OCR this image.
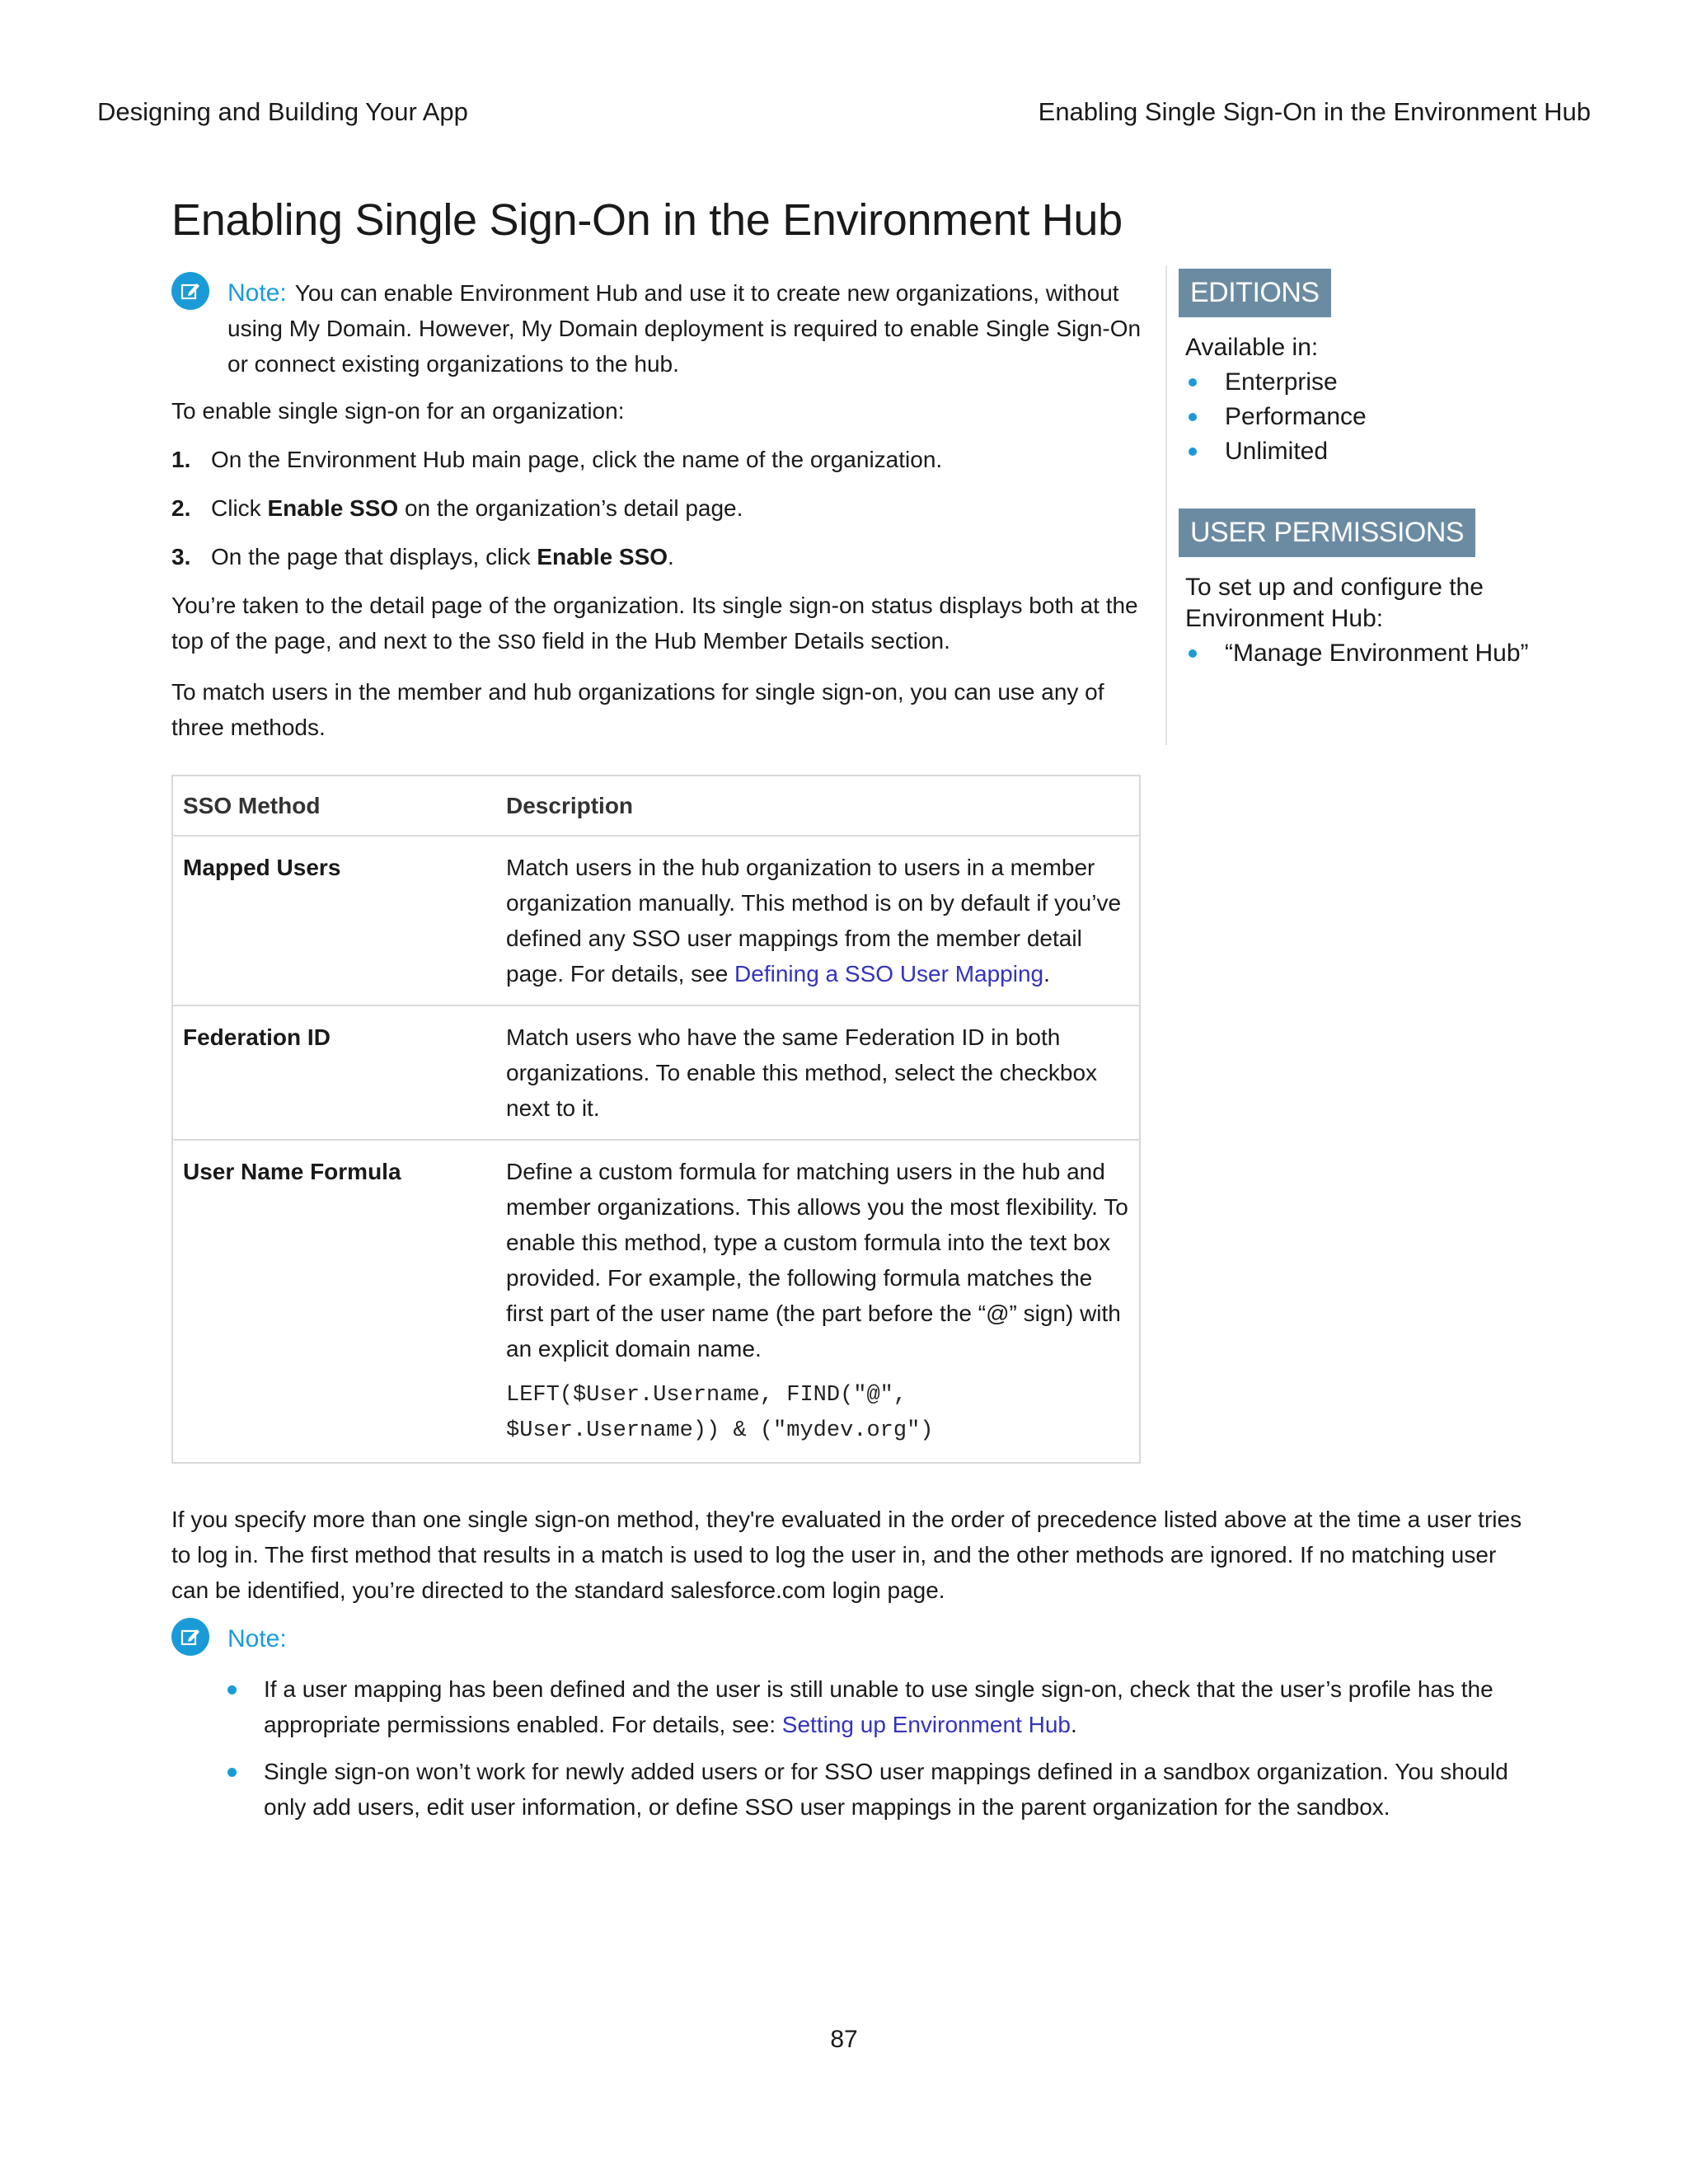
Designing and Building Your App	Enabling Single Sign-On in the Environment Hub
Enabling Single Sign-On in the Environment Hub
Note: You can enable Environment Hub and use it to create new organizations, without using My Domain. However, My Domain deployment is required to enable Single Sign-On or connect existing organizations to the hub.

To enable single sign-on for an organization:

1. On the Environment Hub main page, click the name of the organization.
2. Click Enable SSO on the organization’s detail page.
3. On the page that displays, click Enable SSO.

You’re taken to the detail page of the organization. Its single sign-on status displays both at the top of the page, and next to the SSO field in the Hub Member Details section.

To match users in the member and hub organizations for single sign-on, you can use any of three methods.

SSO Method	Description
Mapped Users	Match users in the hub organization to users in a member organization manually. This method is on by default if you’ve defined any SSO user mappings from the member detail page. For details, see Defining a SSO User Mapping.
Federation ID	Match users who have the same Federation ID in both organizations. To enable this method, select the checkbox next to it.
User Name Formula	Define a custom formula for matching users in the hub and member organizations. This allows you the most flexibility. To enable this method, type a custom formula into the text box provided. For example, the following formula matches the first part of the user name (the part before the “@” sign) with an explicit domain name.
LEFT($User.Username, FIND("@",
$User.Username)) & ("mydev.org")

If you specify more than one single sign-on method, they're evaluated in the order of precedence listed above at the time a user tries to log in. The first method that results in a match is used to log the user in, and the other methods are ignored. If no matching user can be identified, you’re directed to the standard salesforce.com login page.

Note:
If a user mapping has been defined and the user is still unable to use single sign-on, check that the user’s profile has the appropriate permissions enabled. For details, see: Setting up Environment Hub.
Single sign-on won’t work for newly added users or for SSO user mappings defined in a sandbox organization. You should only add users, edit user information, or define SSO user mappings in the parent organization for the sandbox.
EDITIONS
Available in:
Enterprise
Performance
Unlimited
USER PERMISSIONS
To set up and configure the Environment Hub:
“Manage Environment Hub”
87
